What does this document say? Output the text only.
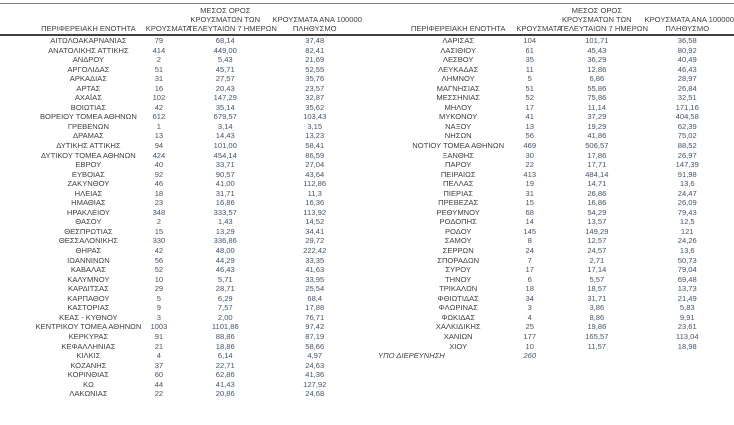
ΠΕΡΙΦΕΡΕΙΑΚΗ ΕΝΟΤΗΤΑ	ΚΡΟΥΣΜΑΤΑ
ΜΕΣΟΣ ΟΡΟΣ
ΚΡΟΥΣΜΑΤΩΝ ΤΩΝ
ΤΕΛΕΥΤΑΙΩΝ 7 ΗΜΕΡΩΝ
ΚΡΟΥΣΜΑΤΑ ΑΝΑ 100000
ΠΛΗΘΥΣΜΟ	ΠΕΡΙΦΕΡΕΙΑΚΗ ΕΝΟΤΗΤΑ	ΚΡΟΥΣΜΑΤΑ
ΜΕΣΟΣ ΟΡΟΣ
ΚΡΟΥΣΜΑΤΩΝ ΤΩΝ
ΤΕΛΕΥΤΑΙΩΝ 7 ΗΜΕΡΩΝ
ΚΡΟΥΣΜΑΤΑ ΑΝΑ 100000
ΠΛΗΘΥΣΜΟ
ΑΙΤΩΛΟΑΚΑΡΝΑΝΙΑΣ	79	68,14	37,48
ΑΝΑΤΟΛΙΚΗΣ ΑΤΤΙΚΗΣ	414	449,00	82,41
ΑΝΔΡΟΥ	2	5,43	21,69
ΑΡΓΟΛΙΔΑΣ	51	45,71	52,55
ΑΡΚΑΔΙΑΣ	31	27,57	35,76
ΑΡΤΑΣ	16	20,43	23,57
ΑΧΑΪΑΣ	102	147,29	32,87
ΒΟΙΩΤΙΑΣ	42	35,14	35,62
ΒΟΡΕΙΟΥ ΤΟΜΕΑ ΑΘΗΝΩΝ	612	679,57	103,43
ΓΡΕΒΕΝΩΝ	1	3,14	3,15
ΔΡΑΜΑΣ	13	14,43	13,23
ΔΥΤΙΚΗΣ ΑΤΤΙΚΗΣ	94	101,00	58,41
ΔΥΤΙΚΟΥ ΤΟΜΕΑ ΑΘΗΝΩΝ	424	454,14	86,59
ΕΒΡΟΥ	40	33,71	27,04
ΕΥΒΟΙΑΣ	92	90,57	43,64
ΖΑΚΥΝΘΟΥ	46	41,00	112,86
ΗΛΕΙΑΣ	18	31,71	11,3
ΗΜΑΘΙΑΣ	23	16,86	16,36
ΗΡΑΚΛΕΙΟΥ	348	333,57	113,92
ΘΑΣΟΥ	2	1,43	14,52
ΘΕΣΠΡΩΤΙΑΣ	15	13,29	34,41
ΘΕΣΣΑΛΟΝΙΚΗΣ	330	336,86	29,72
ΘΗΡΑΣ	42	48,00	222,42
ΙΩΑΝΝΙΝΩΝ	56	44,29	33,35
ΚΑΒΑΛΑΣ	52	46,43	41,63
ΚΑΛΥΜΝΟΥ	10	5,71	33,95
ΚΑΡΔΙΤΣΑΣ	29	28,71	25,54
ΚΑΡΠΑΘΟΥ	5	6,29	68,4
ΚΑΣΤΟΡΙΑΣ	9	7,57	17,88
ΚΕΑΣ - ΚΥΘΝΟΥ	3	2,00	76,71
ΚΕΝΤΡΙΚΟΥ ΤΟΜΕΑ ΑΘΗΝΩΝ	1003	1101,86	97,42
ΚΕΡΚΥΡΑΣ	91	88,86	87,19
ΚΕΦΑΛΛΗΝΙΑΣ	21	18,86	58,66
ΚΙΛΚΙΣ	4	6,14	4,97
ΚΟΖΑΝΗΣ	37	22,71	24,63
ΚΟΡΙΝΘΙΑΣ	60	62,86	41,36
ΚΩ	44	41,43	127,92
ΛΑΚΩΝΙΑΣ	22	20,86	24,68
ΛΑΡΙΣΑΣ	104	101,71	36,58
ΛΑΣΙΘΙΟΥ	61	45,43	80,92
ΛΕΣΒΟΥ	35	36,29	40,49
ΛΕΥΚΑΔΑΣ	11	12,86	46,43
ΛΗΜΝΟΥ	5	6,86	28,97
ΜΑΓΝΗΣΙΑΣ	51	55,86	26,84
ΜΕΣΣΗΝΙΑΣ	52	75,86	32,51
ΜΗΛΟΥ	17	11,14	171,16
ΜΥΚΟΝΟΥ	41	37,29	404,58
ΝΑΞΟΥ	13	19,29	62,39
ΝΗΣΩΝ	56	41,86	75,02
ΝΟΤΙΟΥ ΤΟΜΕΑ ΑΘΗΝΩΝ	469	506,57	88,52
ΞΑΝΘΗΣ	30	17,86	26,97
ΠΑΡΟΥ	22	17,71	147,39
ΠΕΙΡΑΙΩΣ	413	484,14	91,98
ΠΕΛΛΑΣ	19	14,71	13,6
ΠΙΕΡΙΑΣ	31	26,86	24,47
ΠΡΕΒΕΖΑΣ	15	16,86	26,09
ΡΕΘΥΜΝΟΥ	68	54,29	79,43
ΡΟΔΟΠΗΣ	14	13,57	12,5
ΡΟΔΟΥ	145	149,29	121
ΣΑΜΟΥ	8	12,57	24,26
ΣΕΡΡΩΝ	24	24,57	13,6
ΣΠΟΡΑΔΩΝ	7	2,71	50,73
ΣΥΡΟΥ	17	17,14	79,04
ΤΗΝΟΥ	6	5,57	69,48
ΤΡΙΚΑΛΩΝ	18	18,57	13,73
ΦΘΙΩΤΙΔΑΣ	34	31,71	21,49
ΦΛΩΡΙΝΑΣ	3	3,86	5,83
ΦΩΚΙΔΑΣ	4	8,86	9,91
ΧΑΛΚΙΔΙΚΗΣ	25	19,86	23,61
ΧΑΝΙΩΝ	177	165,57	113,04
ΧΙΟΥ	10	11,57	18,98
ΥΠΟ ΔΙΕΡΕΥΝΗΣΗ	260
